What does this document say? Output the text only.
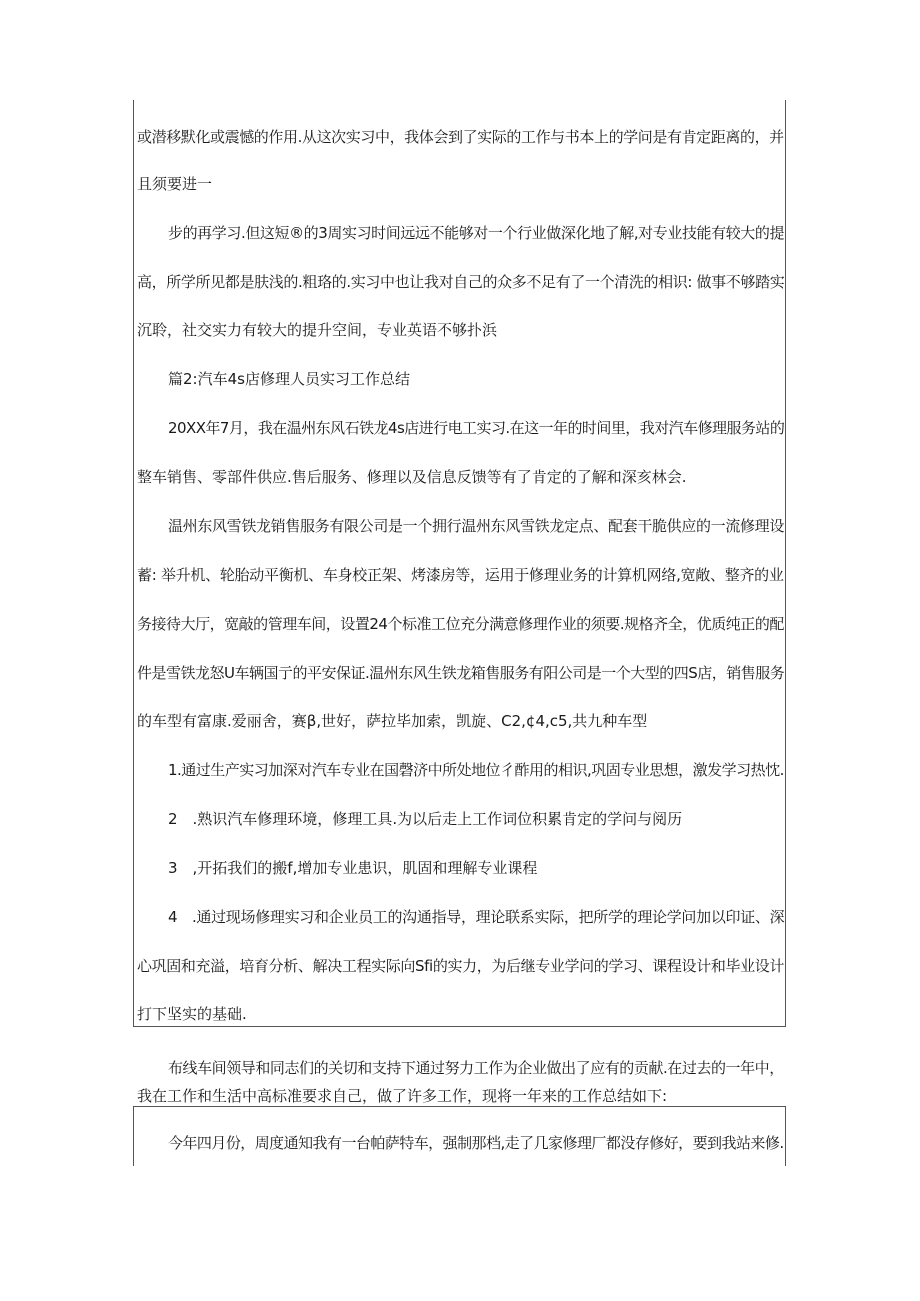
或潜移默化或震憾的作用.从这次实习中，我体会到了实际的工作与书本上的学问是有肯定距离的，并
且须要进一
步的再学习.但这短®的3周实习时间远远不能够对一个行业做深化地了解,对专业技能有较大的提
高，所学所见都是肤浅的.粗珞的.实习中也让我对自己的众多不足有了一个清洗的相识: 做事不够踏实
沉聆，社交实力有较大的提升空间，专业英语不够扑浜
篇2:汽车4s店修理人员实习工作总结
20XX年7月，我在温州东风石铁龙4s店进行电工实习.在这一年的时间里，我对汽车修理服务站的
整车销售、零部件供应.售后服务、修理以及信息反馈等有了肯定的了解和深亥林会.
温州东风雪铁龙销售服务有限公司是一个拥行温州东风雪铁龙定点、配套干脆供应的一流修理设
蓄: 举升机、轮胎动平衡机、车身校正架、烤漆房等，运用于修理业务的计算机网络,宽敞、整齐的业
务接待大厅，宽敲的管理车间，设置24个标准工位充分满意修理作业的须要.规格齐全，优质纯正的配
件是雪铁龙怒U车辆国亍的平安保证.温州东风生铁龙箱售服务有阳公司是一个大型的四S店，销售服务
的车型有富康.爱丽舍，赛β,世好，萨拉毕加索，凯旋、C2,¢4,c5,共九种车型
1.通过生产实习加深对汽车专业在国磬济中所处地位彳酢用的相识,巩固专业思想，激发学习热忱.
2　.熟识汽车修理环境，修理工具.为以后走上工作词位积累肯定的学问与阅历
3　,开拓我们的搬f,增加专业患识，肌固和理解专业课程
4　.通过现场修理实习和企业员工的沟通指导，理论联系实际，把所学的理论学问加以印证、深
心巩固和充溢，培育分析、解决工程实际向Sfi的实力，为后继专业学问的学习、课程设计和毕业设计
打下坚实的基础.
布线车间领导和同志们的关切和支持下通过努力工作为企业做出了应有的贡献.在过去的一年中，
我在工作和生活中高标准要求自己，做了许多工作，现将一年来的工作总结如下:
今年四月份，周度通知我有一台帕萨特车，强制那档,走了几家修理厂都没存修好，要到我站来修.
